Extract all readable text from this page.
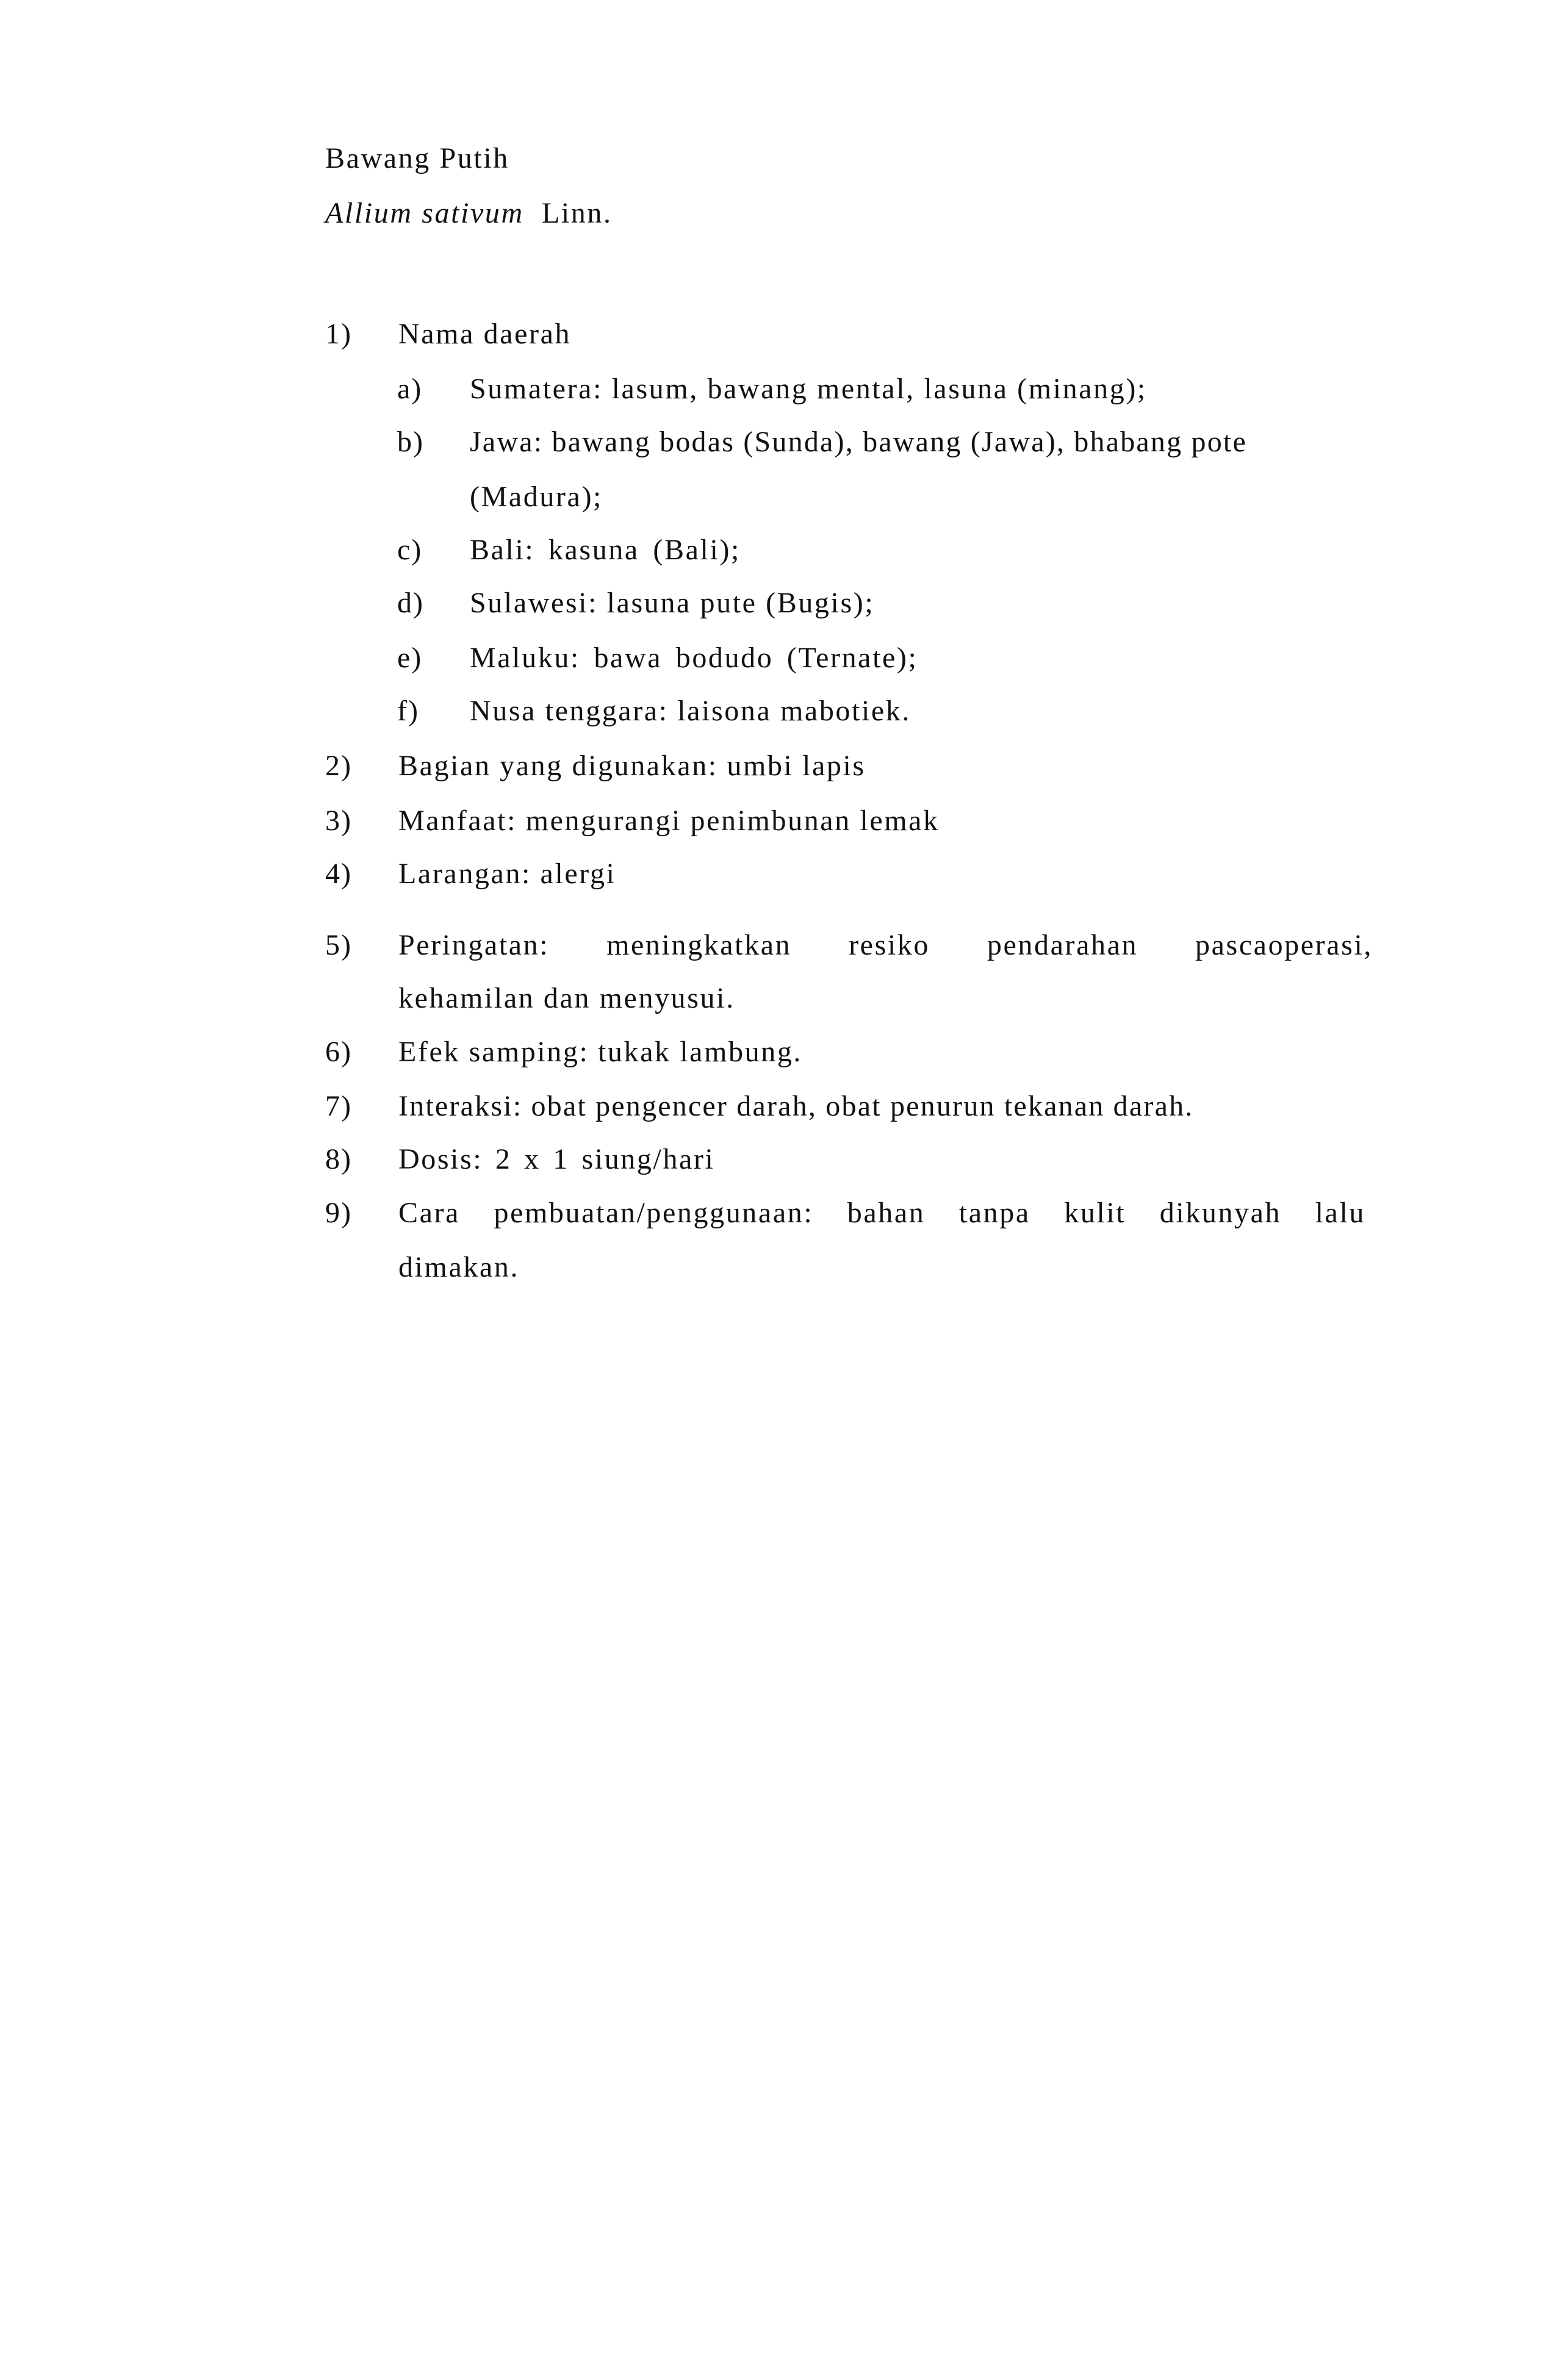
Bawang Putih
Allium sativum Linn.
1) Nama daerah
a) Sumatera: lasum, bawang mental, lasuna (minang);
b) Jawa: bawang bodas (Sunda), bawang (Jawa), bhabang pote
(Madura);
c) Bali: kasuna (Bali);
d) Sulawesi: lasuna pute (Bugis);
e) Maluku: bawa bodudo (Ternate);
f) Nusa tenggara: laisona mabotiek.
2) Bagian yang digunakan: umbi lapis
3) Manfaat: mengurangi penimbunan lemak
4) Larangan: alergi
5) Peringatan: meningkatkan resiko pendarahan pascaoperasi,
kehamilan dan menyusui.
6) Efek samping: tukak lambung.
7) Interaksi: obat pengencer darah, obat penurun tekanan darah.
8) Dosis: 2 x 1 siung/hari
9) Cara pembuatan/penggunaan: bahan tanpa kulit dikunyah lalu
dimakan.
